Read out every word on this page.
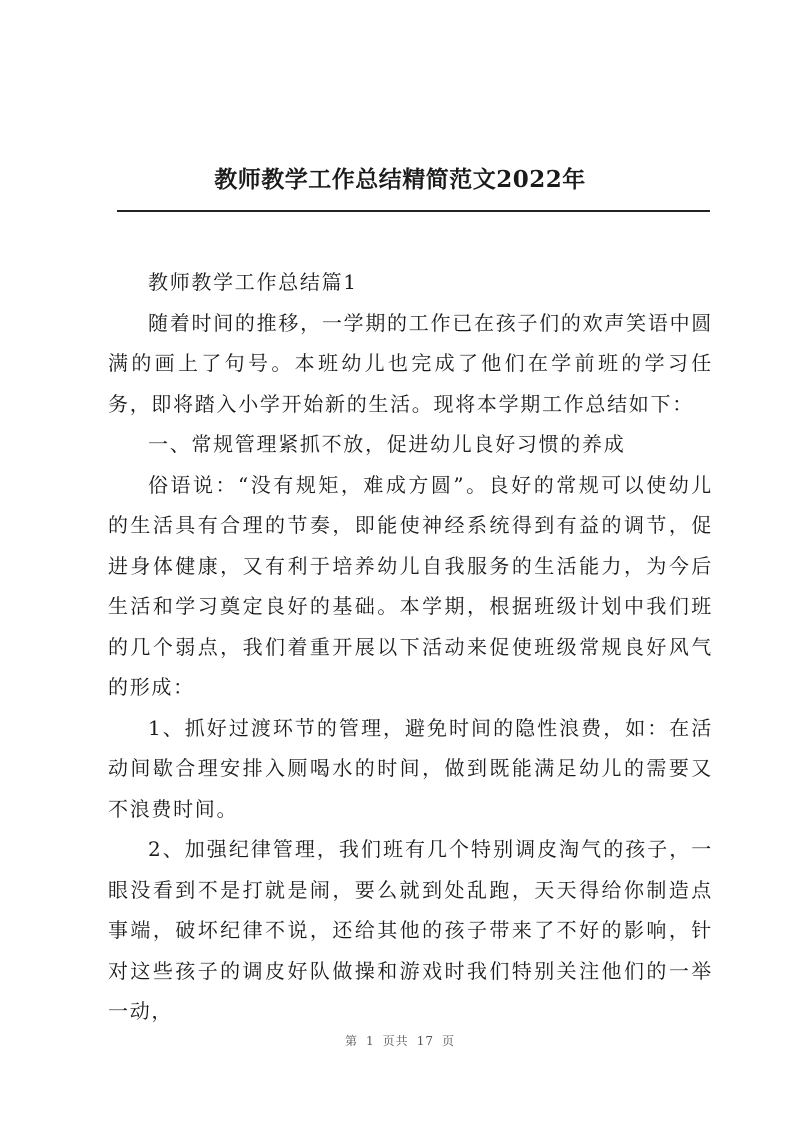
教师教学工作总结精简范文2022年

教师教学工作总结篇1

随着时间的推移，一学期的工作已在孩子们的欢声笑语中圆满的画上了句号。本班幼儿也完成了他们在学前班的学习任务，即将踏入小学开始新的生活。现将本学期工作总结如下：

一、常规管理紧抓不放，促进幼儿良好习惯的养成

俗语说：“没有规矩，难成方圆”。良好的常规可以使幼儿的生活具有合理的节奏，即能使神经系统得到有益的调节，促进身体健康，又有利于培养幼儿自我服务的生活能力，为今后生活和学习奠定良好的基础。本学期，根据班级计划中我们班的几个弱点，我们着重开展以下活动来促使班级常规良好风气的形成：

1、抓好过渡环节的管理，避免时间的隐性浪费，如：在活动间歇合理安排入厕喝水的时间，做到既能满足幼儿的需要又不浪费时间。

2、加强纪律管理，我们班有几个特别调皮淘气的孩子，一眼没看到不是打就是闹，要么就到处乱跑，天天得给你制造点事端，破坏纪律不说，还给其他的孩子带来了不好的影响，针对这些孩子的调皮好队做操和游戏时我们特别关注他们的一举一动，

第 1 页共 17 页
